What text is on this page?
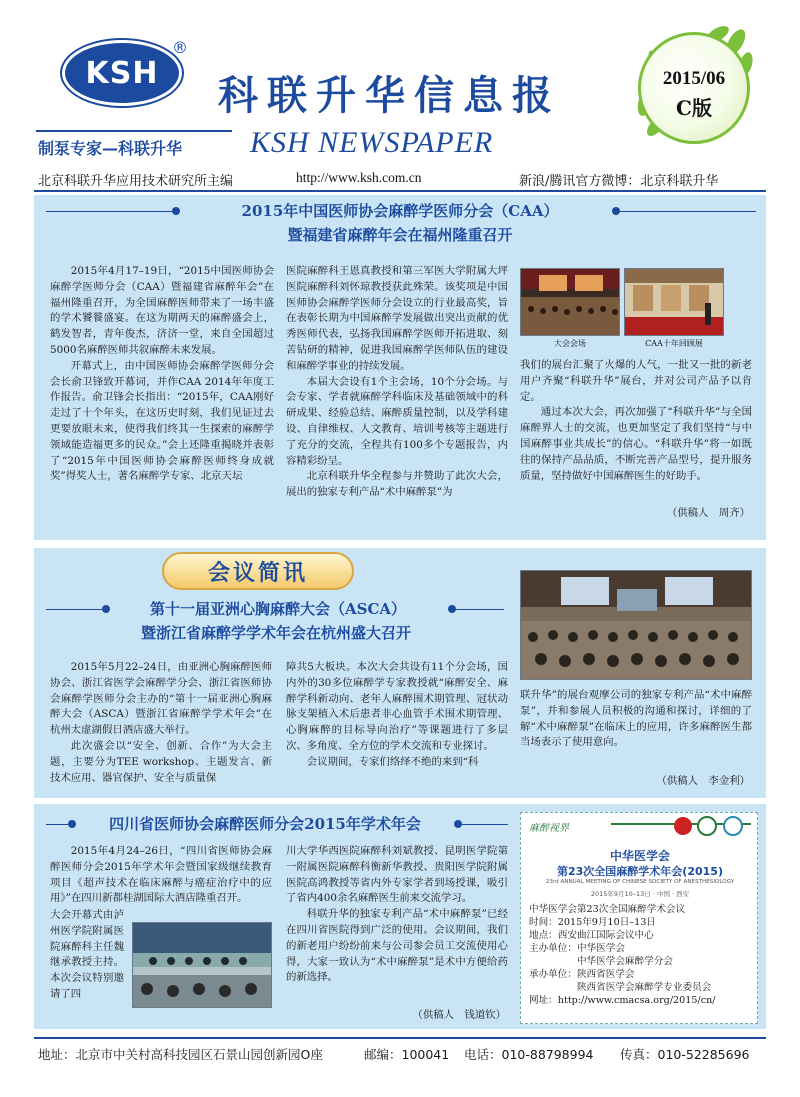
KSH
®
制泵专家—科联升华
科联升华信息报
KSH NEWSPAPER
2015/06
C版
北京科联升华应用技术研究所主编	http://www.ksh.com.cn	新浪/腾讯官方微博：北京科联升华
2015年中国医师协会麻醉学医师分会（CAA）
暨福建省麻醉年会在福州隆重召开

2015年4月17–19日，“2015中国医师协会麻醉学医师分会（CAA）暨福建省麻醉年会”在福州隆重召开，为全国麻醉医师带来了一场丰盛的学术饕餮盛宴。在这为期两天的麻醉盛会上，鹤发智者，青年俊杰，济济一堂，来自全国超过5000名麻醉医师共叙麻醉未来发展。

开幕式上，由中国医师协会麻醉学医师分会会长俞卫锋致开幕词，并作CAA 2014年年度工作报告。俞卫锋会长指出：“2015年，CAA刚好走过了十个年头，在这历史时刻，我们见证过去更要放眼未来，使得我们终其一生探索的麻醉学领域能造福更多的民众。”会上还隆重揭晓并表彰了“2015年中国医师协会麻醉医师终身成就奖”得奖人士，著名麻醉学专家、北京天坛

医院麻醉科王恩真教授和第三军医大学附属大坪医院麻醉科刘怀琼教授获此殊荣。该奖项是中国医师协会麻醉学医师分会设立的行业最高奖，旨在表彰长期为中国麻醉学发展做出突出贡献的优秀医师代表，弘扬我国麻醉学医师开拓进取、刻苦钻研的精神，促进我国麻醉学医师队伍的建设和麻醉学事业的持续发展。

本届大会设有1个主会场，10个分会场。与会专家、学者就麻醉学科临床及基础领域中的科研成果、经验总结、麻醉质量控制，以及学科建设、自律维权、人文教育、培训考核等主题进行了充分的交流，全程共有100多个专题报告，内容精彩纷呈。

北京科联升华全程参与并赞助了此次大会，展出的独家专利产品“术中麻醉泵”为

大会会场	CAA十年回顾展

我们的展台汇聚了火爆的人气，一批又一批的新老用户齐聚“科联升华”展台，并对公司产品予以肯定。

通过本次大会，再次加强了“科联升华”与全国麻醉界人士的交流，也更加坚定了我们坚持“与中国麻醉事业共成长”的信心。“科联升华”将一如既往的保持产品品质，不断完善产品型号，提升服务质量，坚持做好中国麻醉医生的好助手。

（供稿人　周齐）
会议简讯
第十一届亚洲心胸麻醉大会（ASCA）
暨浙江省麻醉学学术年会在杭州盛大召开

2015年5月22–24日，由亚洲心胸麻醉医师协会、浙江省医学会麻醉学分会、浙江省医师协会麻醉学医师分会主办的“第十一届亚洲心胸麻醉大会（ASCA）暨浙江省麻醉学学术年会”在杭州太虚湖假日酒店盛大举行。

此次盛会以“安全、创新、合作”为大会主题，主要分为TEE workshop、主题发言、新技术应用、器官保护、安全与质量保

障共5大板块。本次大会共设有11个分会场，国内外的30多位麻醉学专家教授就“麻醉安全、麻醉学科新动向、老年人麻醉围术期管理、冠状动脉支架植入术后患者非心血管手术围术期管理、心胸麻醉的目标导向治疗”等课题进行了多层次、多角度、全方位的学术交流和专业探讨。

会议期间，专家们络绎不绝的来到“科

联升华”的展台观摩公司的独家专利产品“术中麻醉泵”，并和参展人员积极的沟通和探讨，详细的了解“术中麻醉泵”在临床上的应用，许多麻醉医生都当场表示了使用意向。

（供稿人　李金利）
四川省医师协会麻醉医师分会2015年学术年会

2015年4月24–26日，“四川省医师协会麻醉医师分会2015年学术年会暨国家级继续教育项目《超声技术在临床麻醉与癌症治疗中的应用》”在四川新都桂湖国际大酒店隆重召开。

大会开幕式由泸州医学院附属医院麻醉科主任魏继承教授主持。本次会议特别邀请了四

川大学华西医院麻醉科刘斌教授、昆明医学院第一附属医院麻醉科衡新华教授、贵阳医学院附属医院高鸿教授等省内外专家学者到场授课，吸引了省内400余名麻醉医生前来交流学习。

科联升华的独家专利产品“术中麻醉泵”已经在四川省医院得到广泛的使用。会议期间，我们的新老用户纷纷前来与公司参会员工交流使用心得，大家一致认为“术中麻醉泵”是术中方便给药的新选择。

（供稿人　钱道钦）
麻醉视界
中华医学会
第23次全国麻醉学术年会(2015)
23rd ANNUAL MEETING OF CHINESE SOCIETY OF ANESTHESIOLOGY
2015年9月10–13日 · 中国 · 西安
中华医学会第23次全国麻醉学术会议
时间：2015年9月10日–13日
地点：西安曲江国际会议中心
主办单位：中华医学会
　　　　　中华医学会麻醉学分会
承办单位：陕西省医学会
　　　　　陕西省医学会麻醉学专业委员会
网址：http://www.cmacsa.org/2015/cn/
地址：北京市中关村高科技园区石景山园创新园O座	邮编：100041 电话：010-88798994 传真：010-52285696
